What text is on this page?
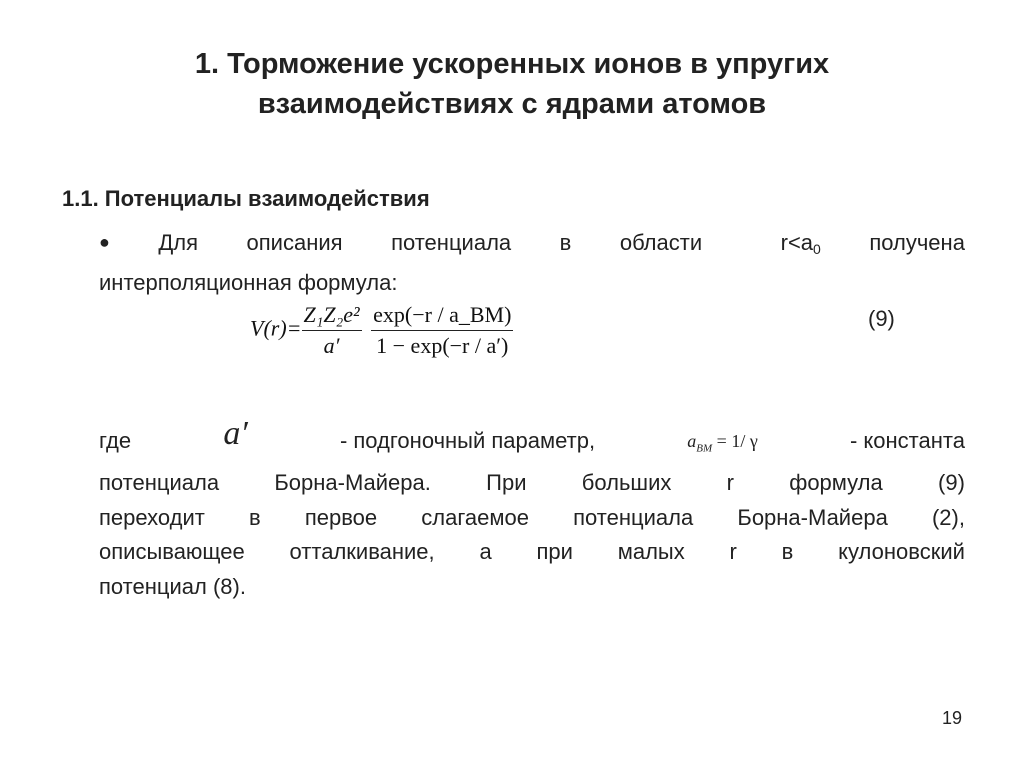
1. Торможение ускоренных ионов в упругих
взаимодействиях с ядрами атомов
1.1. Потенциалы взаимодействия
● Для описания потенциала в области	$r<a_0$ получена
интерполяционная формула:
$V(r)= \frac{\text{Z₁Z₂e²}}{a'}$
$\frac{\exp(-r / a\_BM)}{1 - \exp(-r / a')}$	(9)
где	a′	- подгоночный параметр,	$a_{BM} = 1/$ γ	- константа
потенциала	Борна-Майера.	При	больших	r	формула	(9)
переходит в первое слагаемое потенциала Борна-Майера (2),
описывающее отталкивание, а при малых r в кулоновский
потенциал (8).
19
